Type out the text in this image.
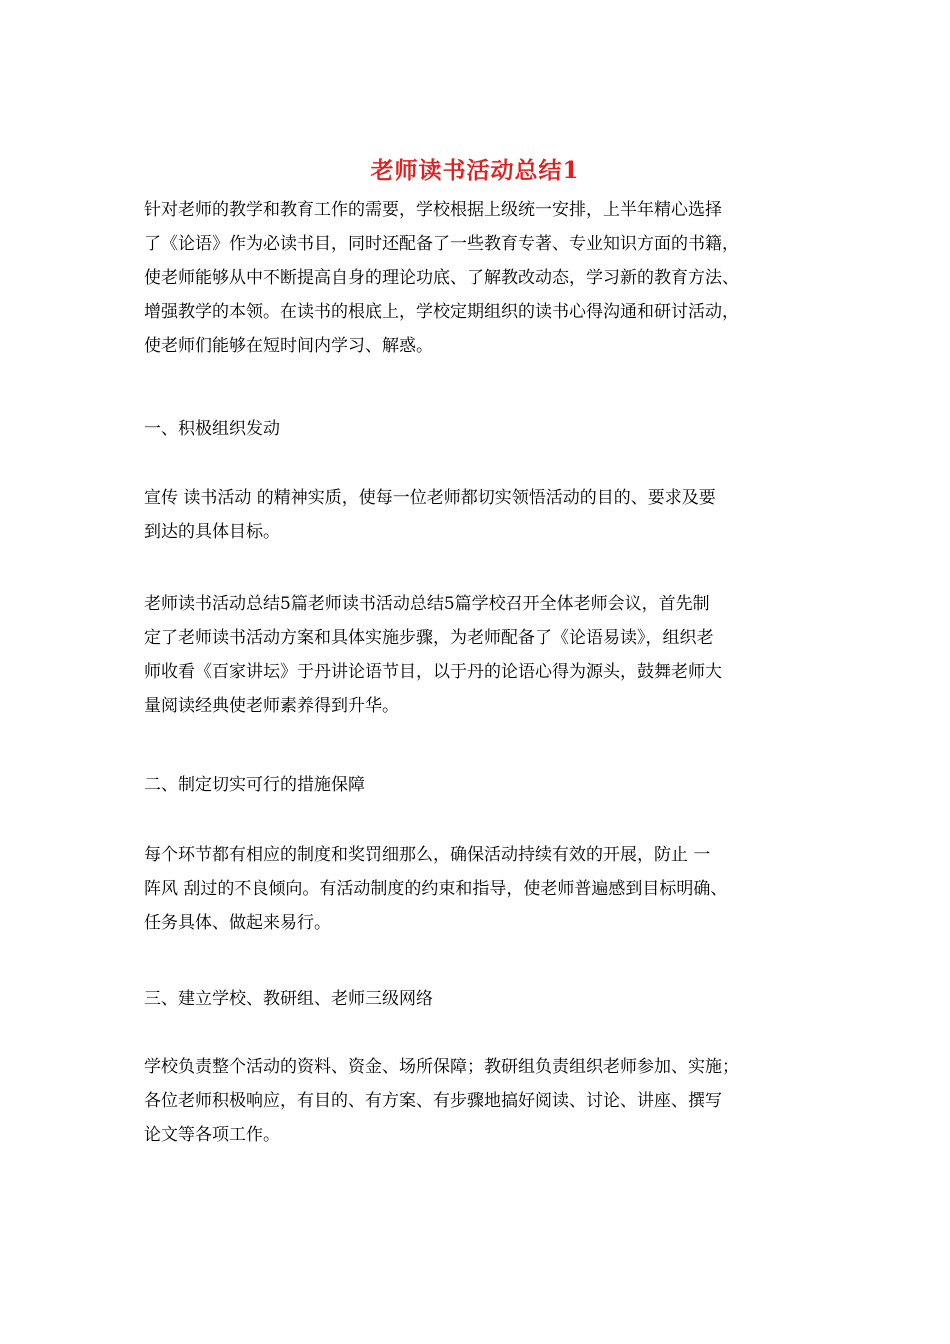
老师读书活动总结1

针对老师的教学和教育工作的需要，学校根据上级统一安排，上半年精心选择
了《论语》作为必读书目，同时还配备了一些教育专著、专业知识方面的书籍，
使老师能够从中不断提高自身的理论功底、了解教改动态，学习新的教育方法、
增强教学的本领。在读书的根底上，学校定期组织的读书心得沟通和研讨活动，
使老师们能够在短时间内学习、解惑。

一、积极组织发动

宣传 读书活动 的精神实质，使每一位老师都切实领悟活动的目的、要求及要
到达的具体目标。

老师读书活动总结5篇老师读书活动总结5篇学校召开全体老师会议，首先制
定了老师读书活动方案和具体实施步骤，为老师配备了《论语易读》，组织老
师收看《百家讲坛》于丹讲论语节目，以于丹的论语心得为源头，鼓舞老师大
量阅读经典使老师素养得到升华。

二、制定切实可行的措施保障

每个环节都有相应的制度和奖罚细那么，确保活动持续有效的开展，防止 一
阵风 刮过的不良倾向。有活动制度的约束和指导，使老师普遍感到目标明确、
任务具体、做起来易行。

三、建立学校、教研组、老师三级网络

学校负责整个活动的资料、资金、场所保障；教研组负责组织老师参加、实施；
各位老师积极响应，有目的、有方案、有步骤地搞好阅读、讨论、讲座、撰写
论文等各项工作。
